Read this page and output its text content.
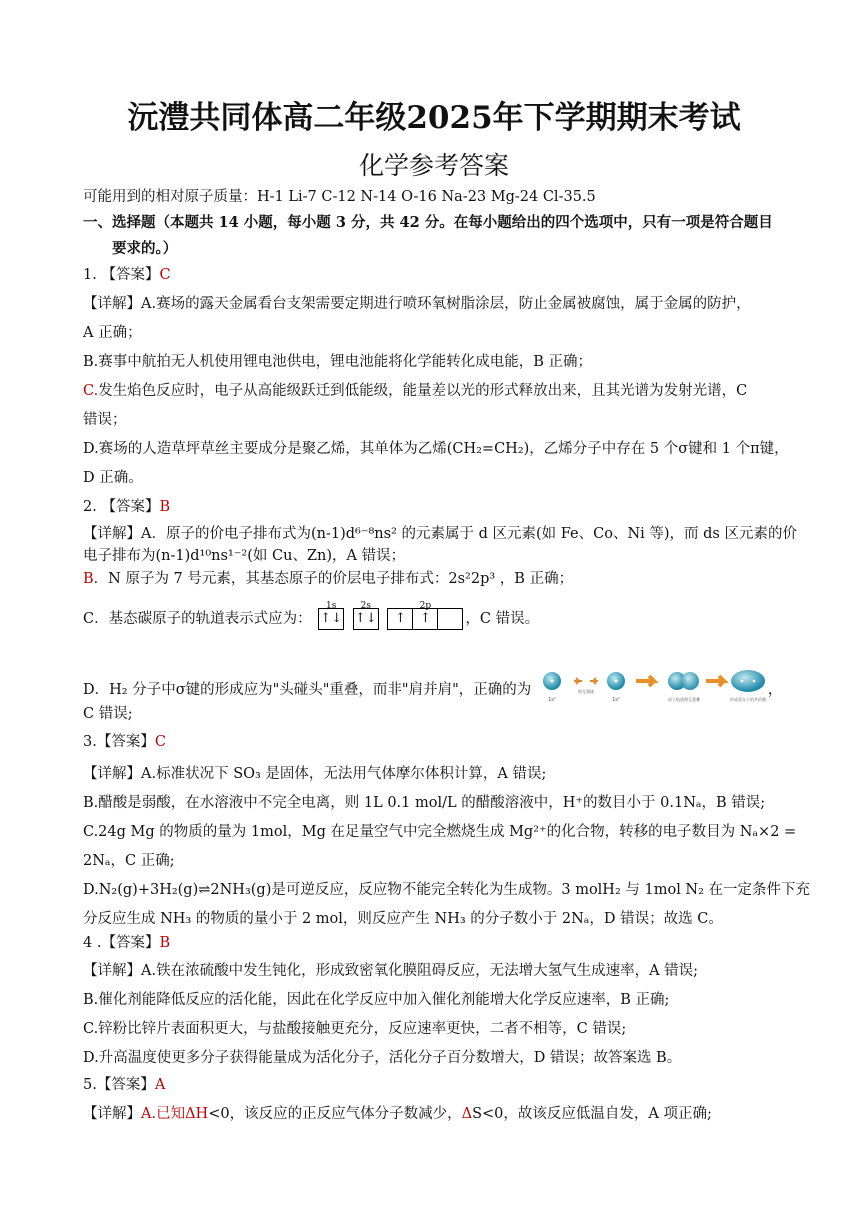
沅澧共同体高二年级2025年下学期期末考试
化学参考答案
可能用到的相对原子质量：H-1 Li-7 C-12 N-14 O-16 Na-23 Mg-24 Cl-35.5
一、选择题（本题共 14 小题，每小题 3 分，共 42 分。在每小题给出的四个选项中，只有一项是符合题目
要求的。）
1. 【答案】C
【详解】A.赛场的露天金属看台支架需要定期进行喷环氧树脂涂层，防止金属被腐蚀，属于金属的防护，
A 正确；
B.赛事中航拍无人机使用锂电池供电，锂电池能将化学能转化成电能，B 正确；
C.发生焰色反应时，电子从高能级跃迁到低能级，能量差以光的形式释放出来，且其光谱为发射光谱，C
错误；
D.赛场的人造草坪草丝主要成分是聚乙烯，其单体为乙烯(CH₂=CH₂)，乙烯分子中存在 5 个σ键和 1 个π键，
D 正确。
2. 【答案】B
【详解】A．原子的价电子排布式为(n-1)d⁶⁻⁸ns² 的元素属于 d 区元素(如 Fe、Co、Ni 等)，而 ds 区元素的价
电子排布为(n-1)d¹⁰ns¹⁻²(如 Cu、Zn)，A 错误；
B．N 原子为 7 号元素，其基态原子的价层电子排布式：2s²2p³ ，B 正确；
C．基态碳原子的轨道表示式应为：
1s
↑↓
2s
↑↓
2p
↑ ↑ ，C 错误。
D．H₂ 分子中σ键的形成应为"头碰头"重叠，而非"肩并肩"，正确的为
1s¹
相互靠拢
1s¹	原子轨道相互重叠	形成氢分子的共价键
，
C 错误;
3.【答案】C
【详解】A.标准状况下 SO₃ 是固体，无法用气体摩尔体积计算，A 错误;
B.醋酸是弱酸，在水溶液中不完全电离，则 1L 0.1 mol/L 的醋酸溶液中，H⁺的数目小于 0.1Nₐ，B 错误;
C.24g Mg 的物质的量为 1mol，Mg 在足量空气中完全燃烧生成 Mg²⁺的化合物，转移的电子数目为 Nₐ×2 =
2Nₐ，C 正确;
D.N₂(g)+3H₂(g)⇌2NH₃(g)是可逆反应，反应物不能完全转化为生成物。3 molH₂ 与 1mol N₂ 在一定条件下充
分反应生成 NH₃ 的物质的量小于 2 mol，则反应产生 NH₃ 的分子数小于 2Nₐ，D 错误；故选 C。
4 .【答案】B
【详解】A.铁在浓硫酸中发生钝化，形成致密氧化膜阻碍反应，无法增大氢气生成速率，A 错误;
B.催化剂能降低反应的活化能，因此在化学反应中加入催化剂能增大化学反应速率，B 正确;
C.锌粉比锌片表面积更大，与盐酸接触更充分，反应速率更快，二者不相等，C 错误;
D.升高温度使更多分子获得能量成为活化分子，活化分子百分数增大，D 错误；故答案选 B。
5.【答案】A
【详解】A.已知ΔH<0，该反应的正反应气体分子数减少，ΔS<0，故该反应低温自发，A 项正确;
